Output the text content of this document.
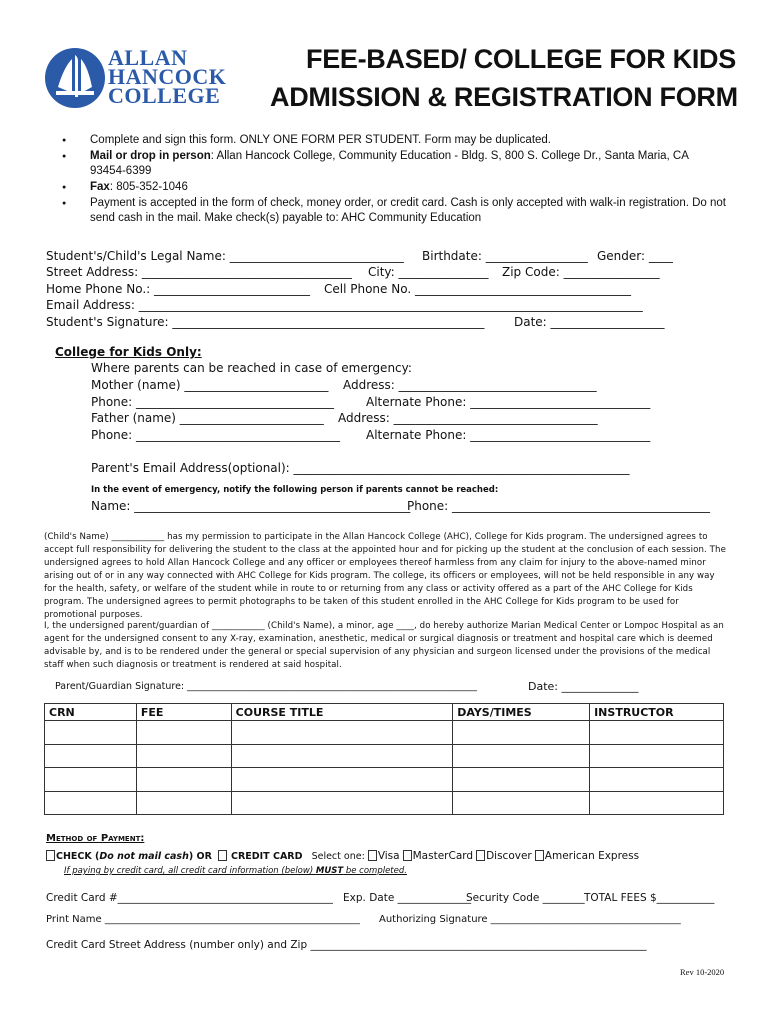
ALLAN
HANCOCK
COLLEGE
FEE-BASED/ COLLEGE FOR KIDS
ADMISSION & REGISTRATION FORM
● Complete and sign this form. ONLY ONE FORM PER STUDENT. Form may be duplicated.
● Mail or drop in person: Allan Hancock College, Community Education - Bldg. S, 800 S. College Dr., Santa Maria, CA 93454-6399
● Fax: 805-352-1046
● Payment is accepted in the form of check, money order, or credit card. Cash is only accepted with walk-in registration. Do not send cash in the mail. Make check(s) payable to: AHC Community Education
Student's/Child's Legal Name: _____________________________ Birthdate: _________________ Gender: ____
Street Address: ___________________________________ City: _______________ Zip Code: ________________
Home Phone No.: __________________________ Cell Phone No. ____________________________________
Email Address: ____________________________________________________________________________________
Student's Signature: ____________________________________________________ Date: ___________________
College for Kids Only:
Where parents can be reached in case of emergency:
Mother (name) ________________________ Address: _________________________________
Phone: _________________________________	Alternate Phone: ______________________________
Father (name) ________________________ Address: __________________________________
Phone: __________________________________ Alternate Phone: ______________________________
Parent's Email Address(optional): ________________________________________________________
In the event of emergency, notify the following person if parents cannot be reached:
Name: ______________________________________________
Phone: ___________________________________________
(Child's Name) ____________ has my permission to participate in the Allan Hancock College (AHC), College for Kids program. The undersigned agrees to accept full responsibility for delivering the student to the class at the appointed hour and for picking up the student at the conclusion of each session. The undersigned agrees to hold Allan Hancock College and any officer or employees thereof harmless from any claim for injury to the above-named minor arising out of or in any way connected with AHC College for Kids program. The college, its officers or employees, will not be held responsible in any way for the health, safety, or welfare of the student while in route to or returning from any class or activity offered as a part of the AHC College for Kids program. The undersigned agrees to permit photographs to be taken of this student enrolled in the AHC College for Kids program to be used for promotional purposes.
I, the undersigned parent/guardian of ____________ (Child's Name), a minor, age ____, do hereby authorize Marian Medical Center or Lompoc Hospital as an agent for the undersigned consent to any X-ray, examination, anesthetic, medical or surgical diagnosis or treatment and hospital care which is deemed advisable by, and is to be rendered under the general or special supervision of any physician and surgeon licensed under the provisions of the medical staff when such diagnosis or treatment is rendered at said hospital.
Parent/Guardian Signature: _____________________________________________________________	Date: ______________
CRN	FEE	COURSE TITLE	DAYS/TIMES	INSTRUCTOR

Method of Payment:
CHECK (Do not mail cash) OR CREDIT CARD Select one: Visa MasterCard Discover American Express
If paying by credit card, all credit card information (below) MUST be completed.
Credit Card #_________________________________________ Exp. Date ______________
Security Code ________ TOTAL FEES $___________
Print Name ___________________________________________________ Authorizing Signature ______________________________________
Credit Card Street Address (number only) and Zip ________________________________________________________________
Rev 10-2020
